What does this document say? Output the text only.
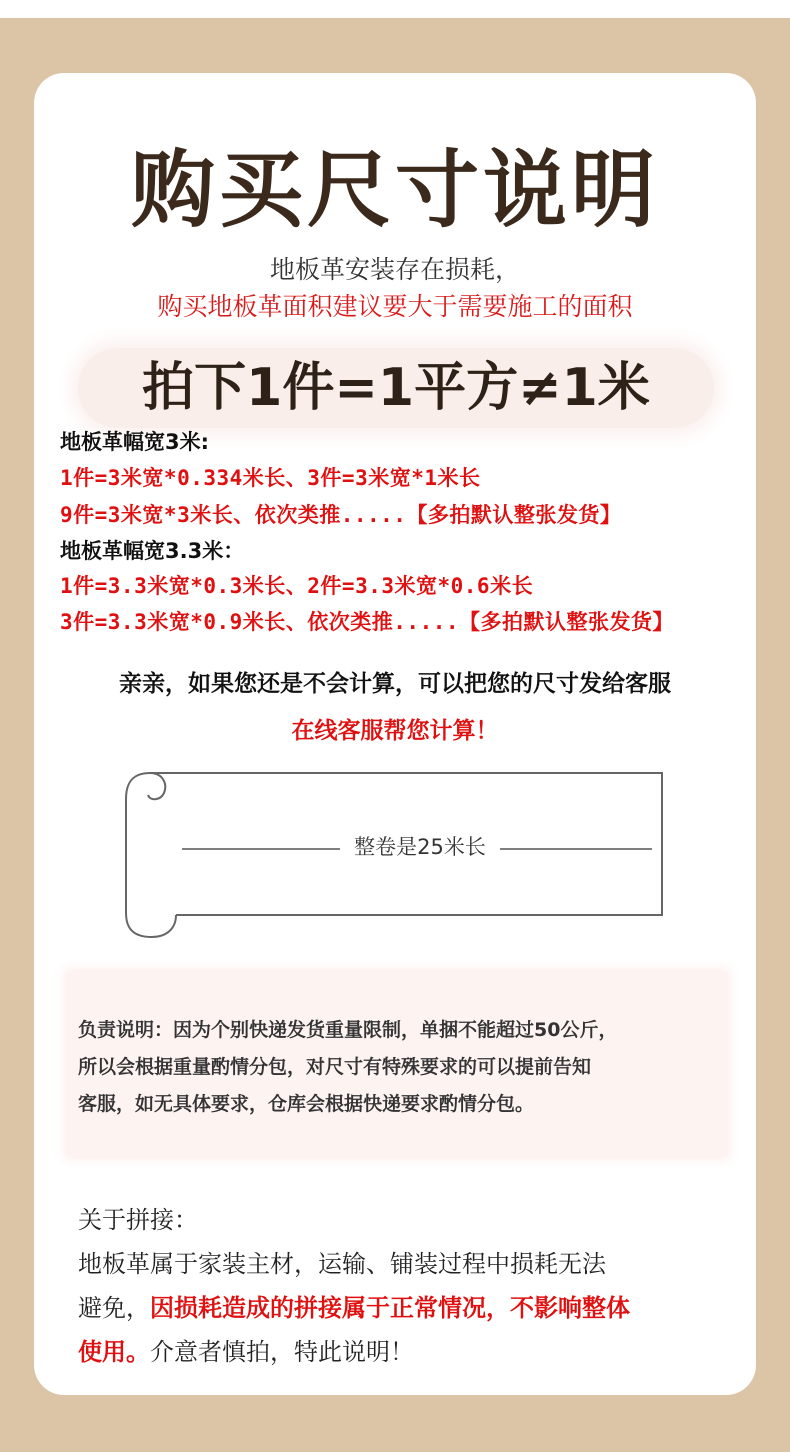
购买尺寸说明
地板革安装存在损耗，
购买地板革面积建议要大于需要施工的面积
拍下1件=1平方≠1米
地板革幅宽3米:
1件=3米宽*0.334米长、3件=3米宽*1米长
9件=3米宽*3米长、依次类推.....【多拍默认整张发货】
地板革幅宽3.3米：
1件=3.3米宽*0.3米长、2件=3.3米宽*0.6米长
3件=3.3米宽*0.9米长、依次类推.....【多拍默认整张发货】
亲亲，如果您还是不会计算，可以把您的尺寸发给客服
在线客服帮您计算！
整卷是25米长
负责说明：因为个别快递发货重量限制，单捆不能超过50公斤，
所以会根据重量酌情分包，对尺寸有特殊要求的可以提前告知
客服，如无具体要求，仓库会根据快递要求酌情分包。
关于拼接：
地板革属于家装主材，运输、铺装过程中损耗无法
避免，因损耗造成的拼接属于正常情况，不影响整体
使用。介意者慎拍，特此说明！
